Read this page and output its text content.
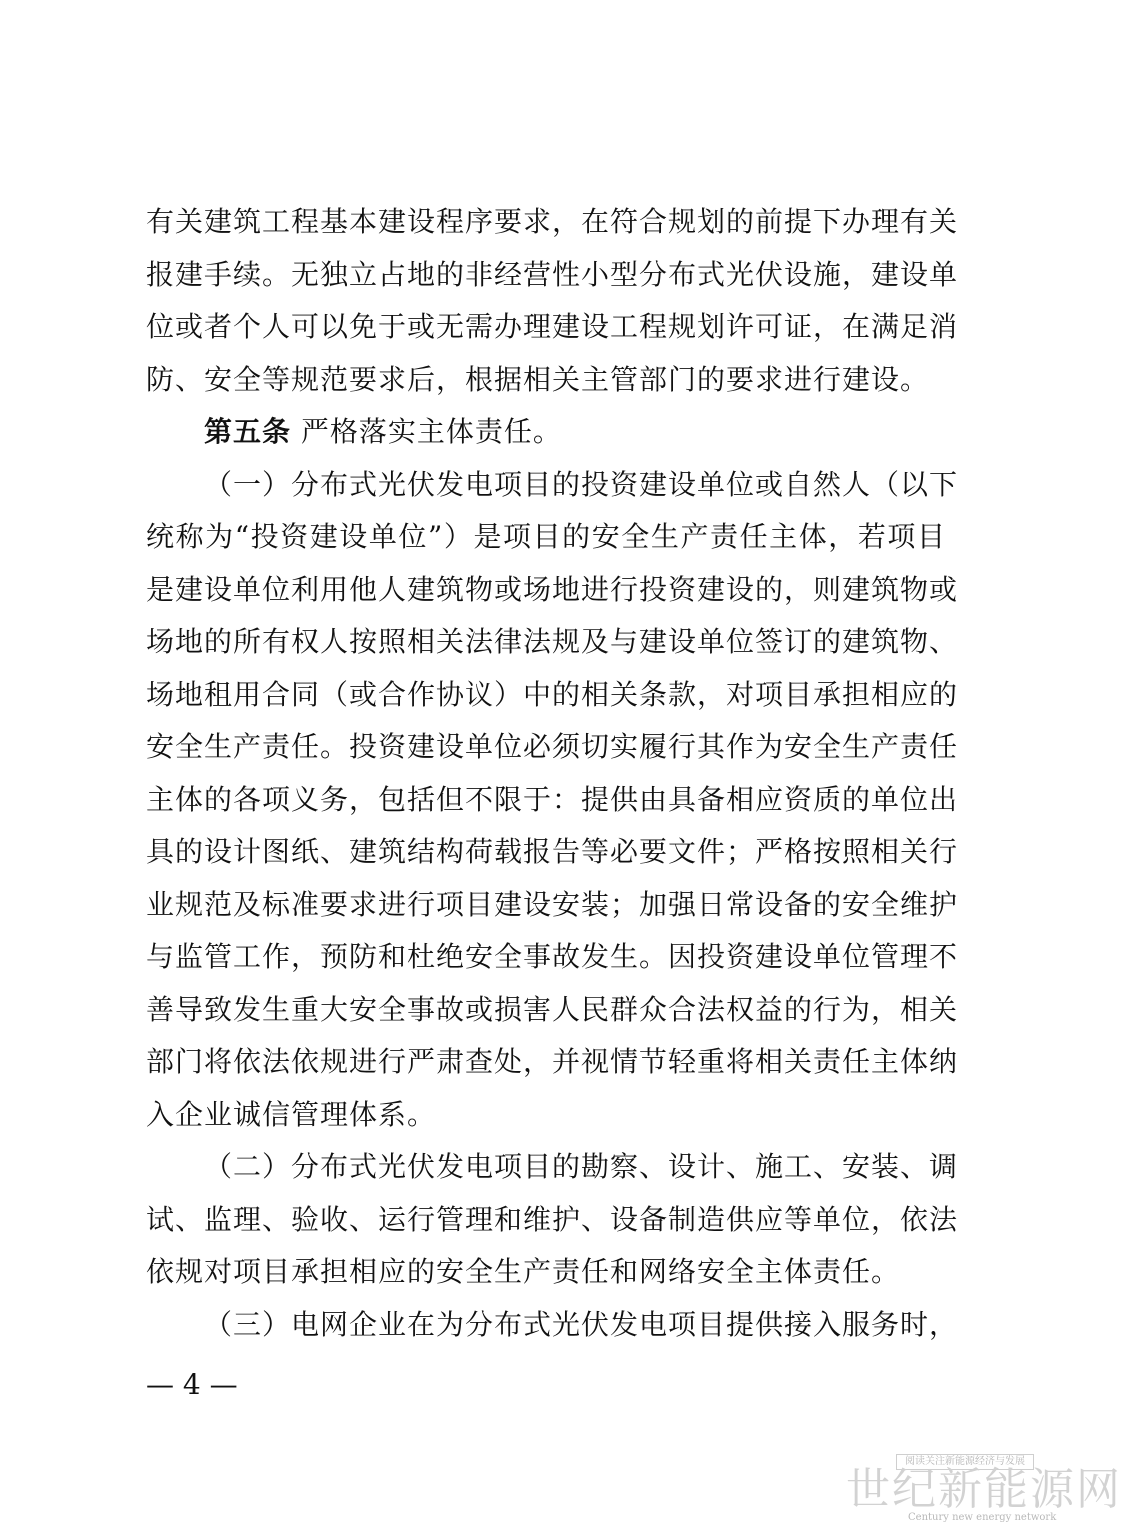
有关建筑工程基本建设程序要求，在符合规划的前提下办理有关
报建手续。无独立占地的非经营性小型分布式光伏设施，建设单
位或者个人可以免于或无需办理建设工程规划许可证，在满足消
防、安全等规范要求后，根据相关主管部门的要求进行建设。
第五条 严格落实主体责任。
（一）分布式光伏发电项目的投资建设单位或自然人（以下
统称为“投资建设单位”）是项目的安全生产责任主体，若项目
是建设单位利用他人建筑物或场地进行投资建设的，则建筑物或
场地的所有权人按照相关法律法规及与建设单位签订的建筑物、
场地租用合同（或合作协议）中的相关条款，对项目承担相应的
安全生产责任。投资建设单位必须切实履行其作为安全生产责任
主体的各项义务，包括但不限于：提供由具备相应资质的单位出
具的设计图纸、建筑结构荷载报告等必要文件；严格按照相关行
业规范及标准要求进行项目建设安装；加强日常设备的安全维护
与监管工作，预防和杜绝安全事故发生。因投资建设单位管理不
善导致发生重大安全事故或损害人民群众合法权益的行为，相关
部门将依法依规进行严肃查处，并视情节轻重将相关责任主体纳
入企业诚信管理体系。
（二）分布式光伏发电项目的勘察、设计、施工、安装、调
试、监理、验收、运行管理和维护、设备制造供应等单位，依法
依规对项目承担相应的安全生产责任和网络安全主体责任。
（三）电网企业在为分布式光伏发电项目提供接入服务时，
— 4 —
阅读关注新能源经济与发展
世纪新能源网
Century new energy network
